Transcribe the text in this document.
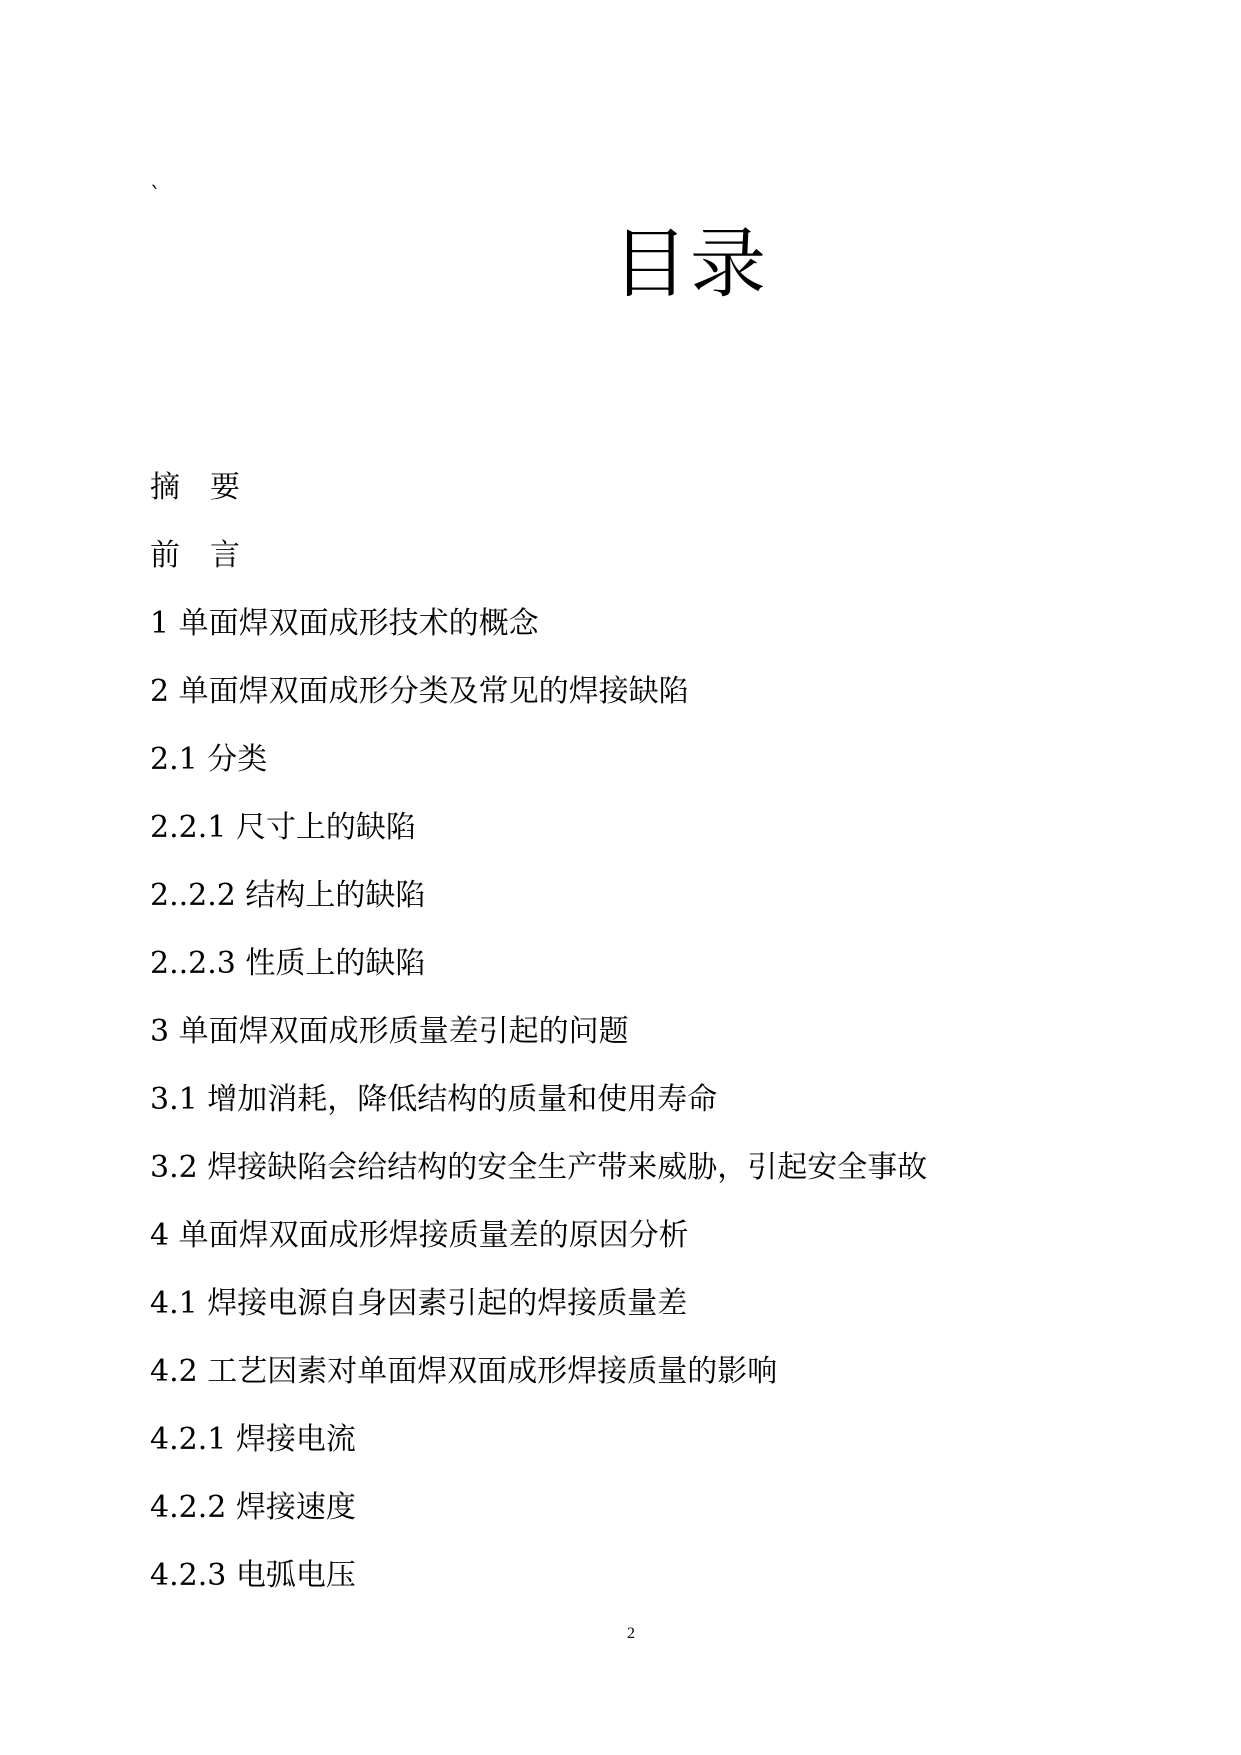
`
目录
摘　要
前　言
1 单面焊双面成形技术的概念
2 单面焊双面成形分类及常见的焊接缺陷
2.1 分类
2.2.1 尺寸上的缺陷
2..2.2 结构上的缺陷
2..2.3 性质上的缺陷
3 单面焊双面成形质量差引起的问题
3.1 增加消耗，降低结构的质量和使用寿命
3.2 焊接缺陷会给结构的安全生产带来威胁，引起安全事故
4 单面焊双面成形焊接质量差的原因分析
4.1 焊接电源自身因素引起的焊接质量差
4.2 工艺因素对单面焊双面成形焊接质量的影响
4.2.1 焊接电流
4.2.2 焊接速度
4.2.3 电弧电压
2
